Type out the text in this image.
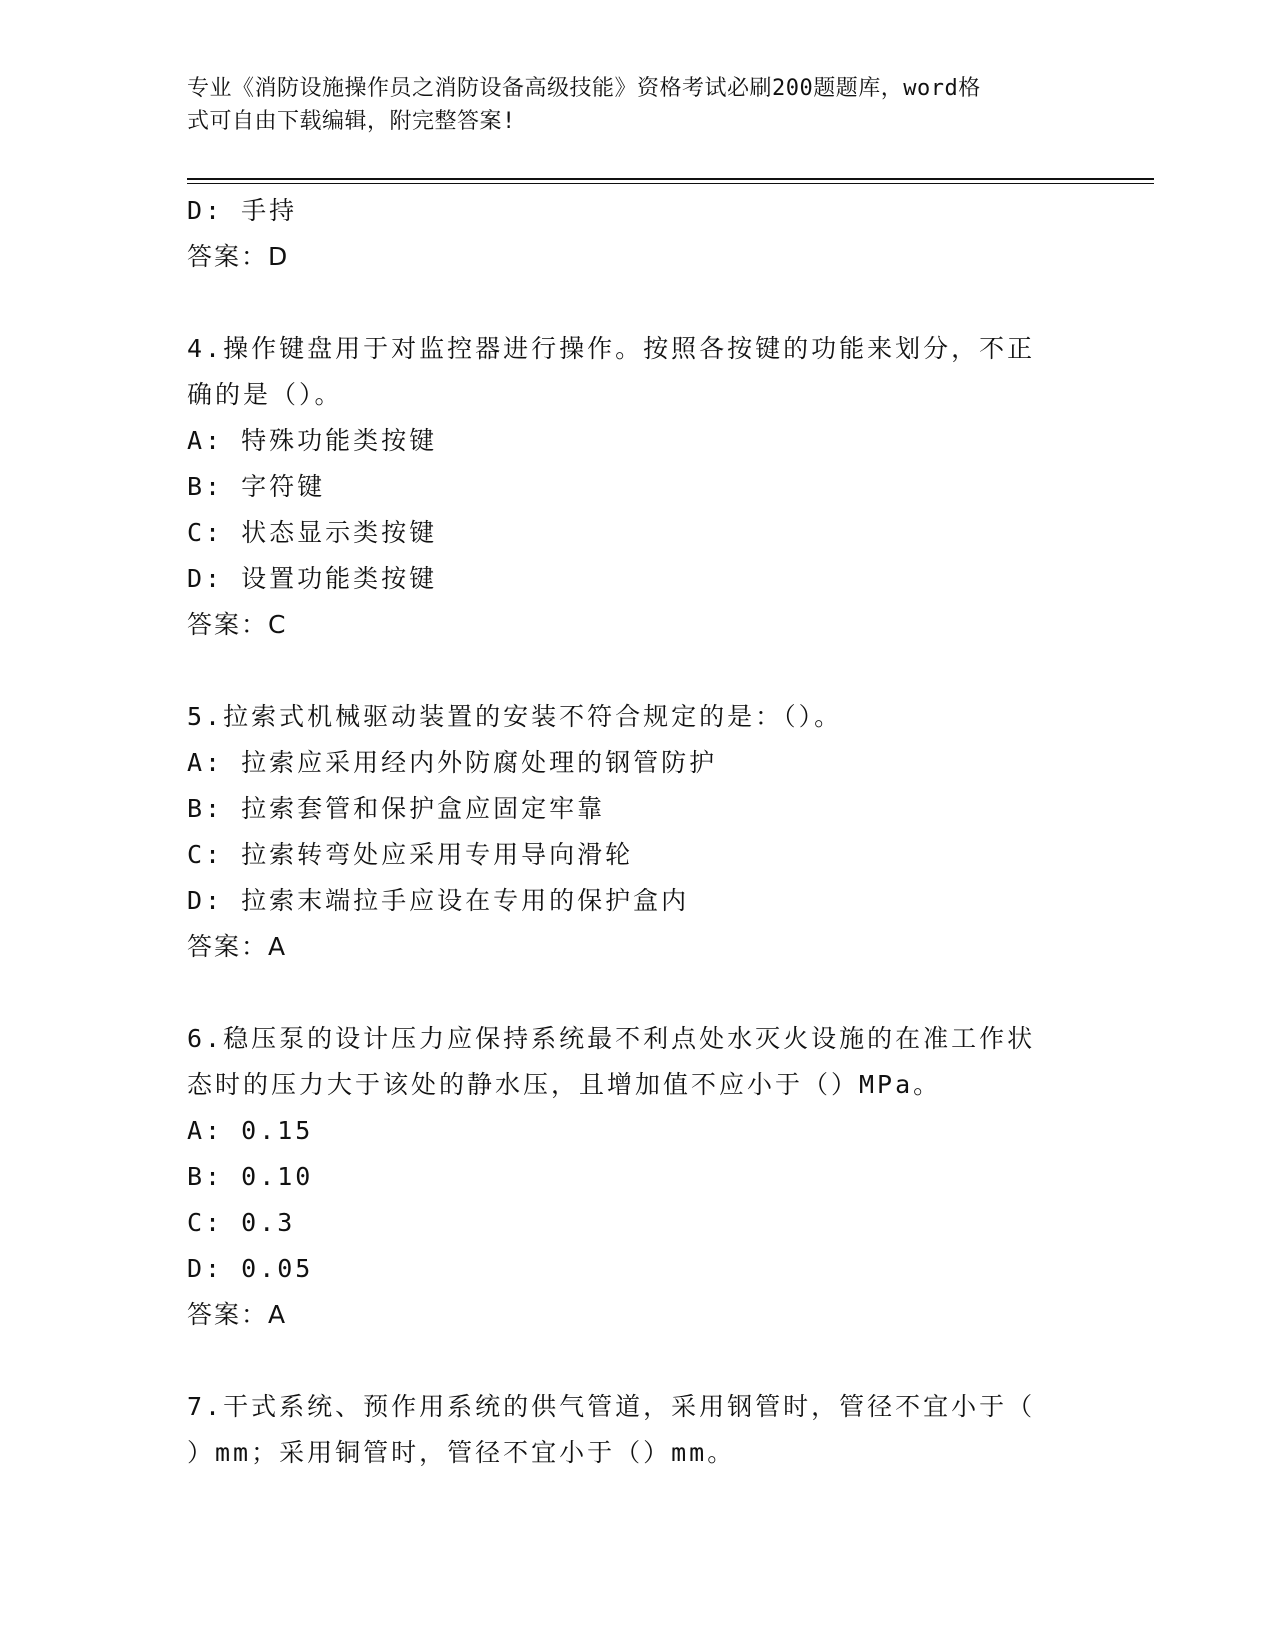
专业《消防设施操作员之消防设备高级技能》资格考试必刷200题题库，word格
式可自由下载编辑，附完整答案!
D: 手持
答案：D
4.操作键盘用于对监控器进行操作。按照各按键的功能来划分，不正
确的是（）。
A: 特殊功能类按键
B: 字符键
C: 状态显示类按键
D: 设置功能类按键
答案：C
5.拉索式机械驱动装置的安装不符合规定的是：（）。
A: 拉索应采用经内外防腐处理的钢管防护
B: 拉索套管和保护盒应固定牢靠
C: 拉索转弯处应采用专用导向滑轮
D: 拉索末端拉手应设在专用的保护盒内
答案：A
6.稳压泵的设计压力应保持系统最不利点处水灭火设施的在准工作状
态时的压力大于该处的静水压，且增加值不应小于（）MPa。
A: 0.15
B: 0.10
C: 0.3
D: 0.05
答案：A
7.干式系统、预作用系统的供气管道，采用钢管时，管径不宜小于（
）mm；采用铜管时，管径不宜小于（）mm。
